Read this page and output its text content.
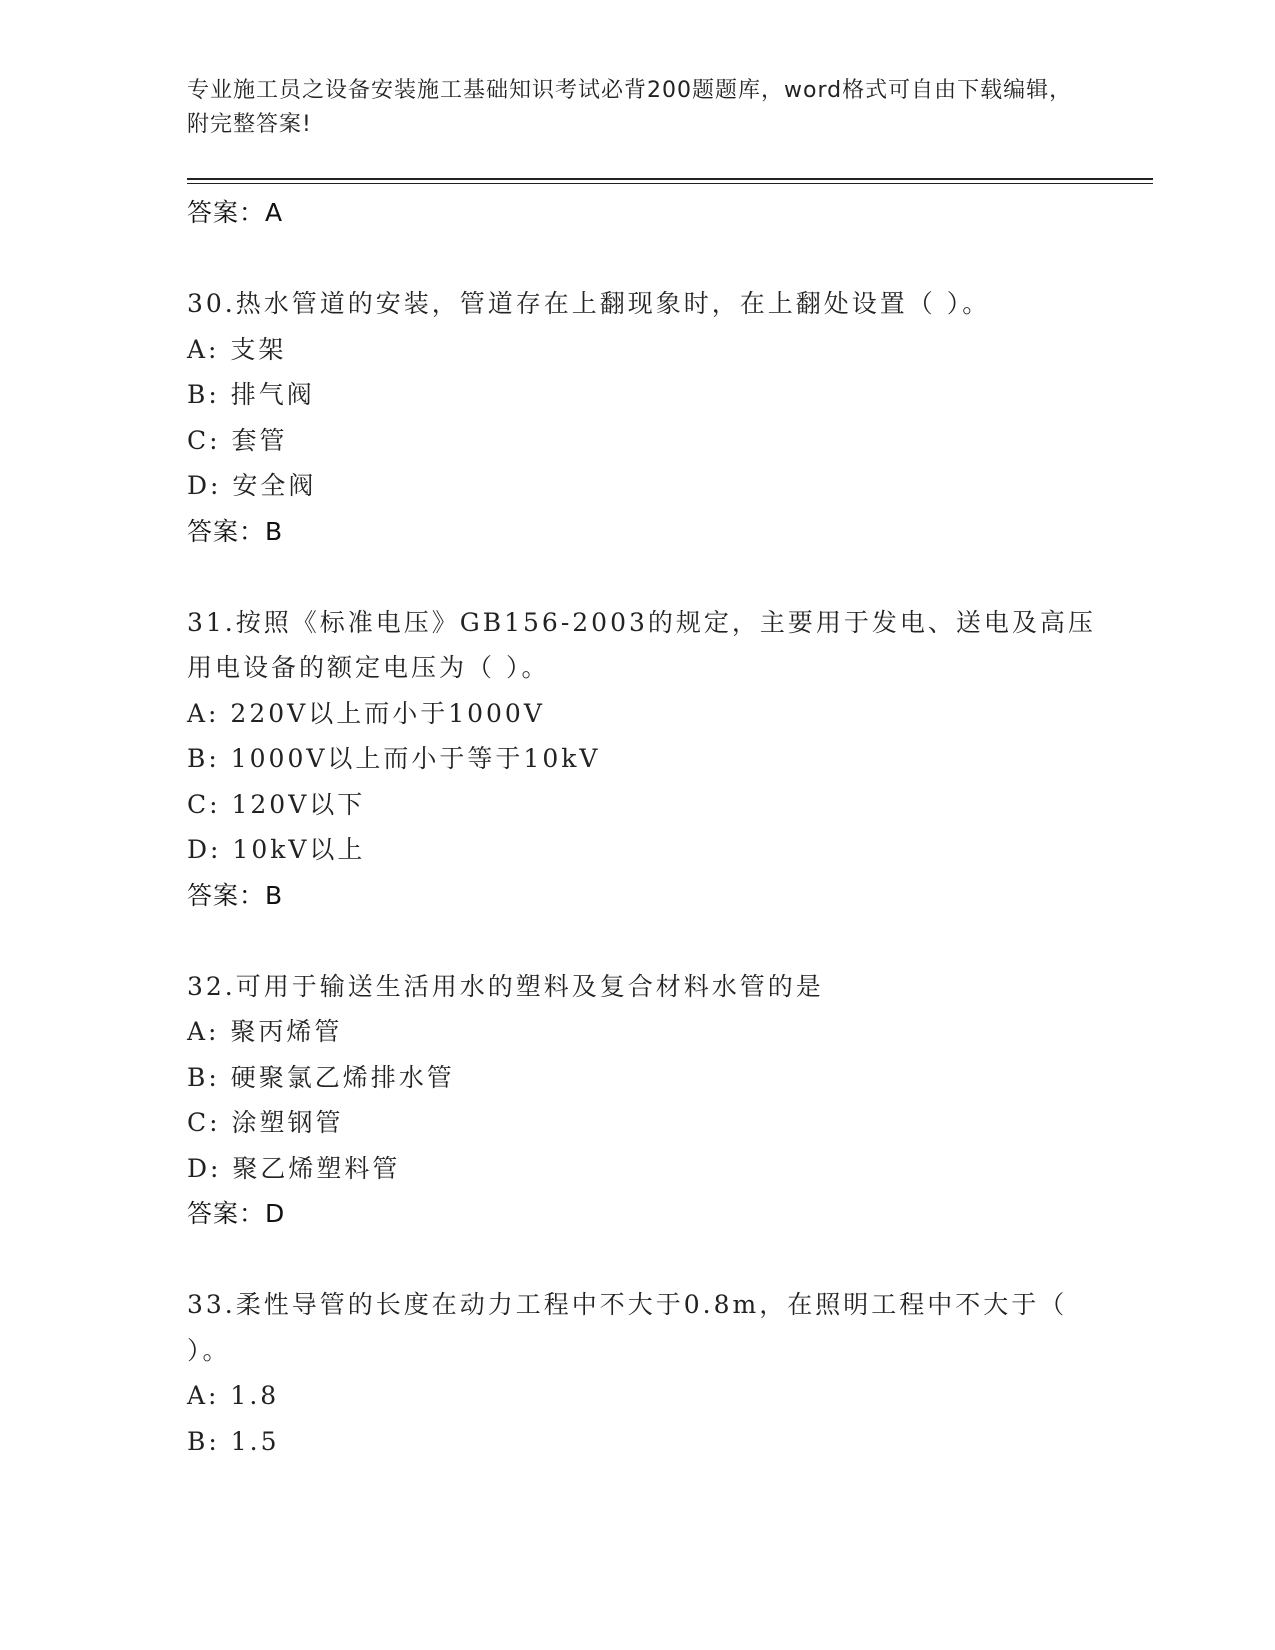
专业施工员之设备安装施工基础知识考试必背200题题库，word格式可自由下载编辑，附完整答案!
答案：A
30.热水管道的安装，管道存在上翻现象时，在上翻处设置（ ）。
A: 支架
B: 排气阀
C: 套管
D: 安全阀
答案：B
31.按照《标准电压》GB156-2003的规定，主要用于发电、送电及高压
用电设备的额定电压为（ ）。
A: 220V以上而小于1000V
B: 1000V以上而小于等于10kV
C: 120V以下
D: 10kV以上
答案：B
32.可用于输送生活用水的塑料及复合材料水管的是
A: 聚丙烯管
B: 硬聚氯乙烯排水管
C: 涂塑钢管
D: 聚乙烯塑料管
答案：D
33.柔性导管的长度在动力工程中不大于0.8m，在照明工程中不大于（
）。
A: 1.8
B: 1.5
